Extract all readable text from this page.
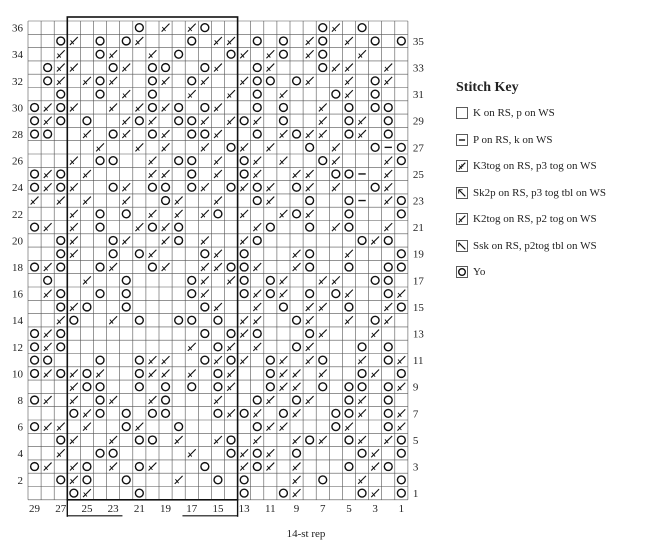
36
34
32
30
28
26
24
22
20
18
16
14
12
10
8
6
4
2
35
33
31
29
27
25
23
21
19
17
15
13
11
9
7
5
3
1
29 27 25 23 21 19 17 15 13 11 9 7 5 3 1
14-st rep
Stitch Key
K on RS, p on WS
P on RS, k on WS
K3tog on RS, p3 tog on WS
Sk2p on RS, p3 tog tbl on WS
K2tog on RS, p2 tog on WS
Ssk on RS, p2tog tbl on WS
Yo
